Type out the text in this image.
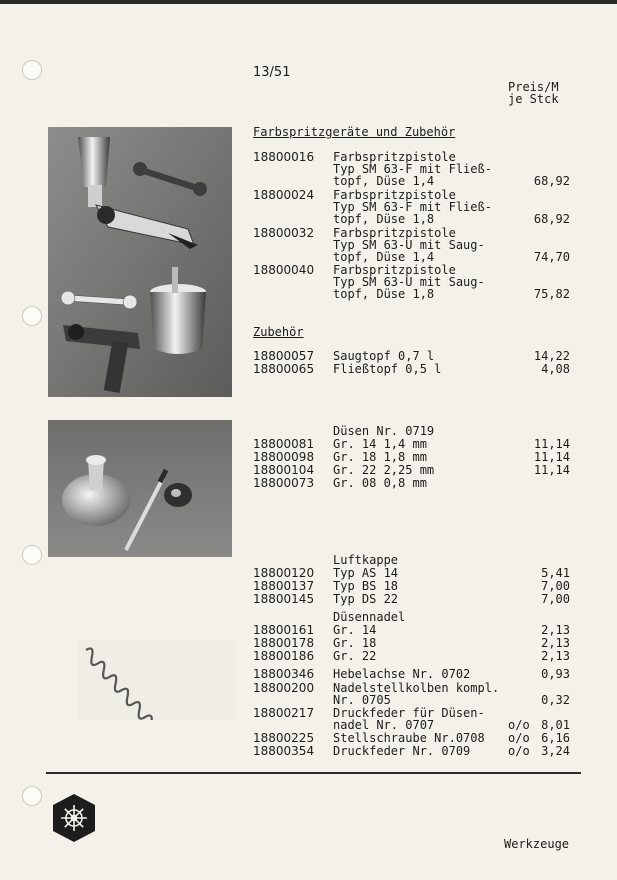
13/51
Preis/M
je Stck
Farbspritzgeräte und Zubehör
18800016 Farbspritzpistole
Typ SM 63-F mit Fließ-
topf, Düse 1,4	68,92
18800024 Farbspritzpistole
Typ SM 63-F mit Fließ-
topf, Düse 1,8	68,92
18800032 Farbspritzpistole
Typ SM 63-U mit Saug-
topf, Düse 1,4	74,70
18800040 Farbspritzpistole
Typ SM 63-U mit Saug-
topf, Düse 1,8	75,82
Zubehör
18800057 Saugtopf 0,7 l	14,22
18800065 Fließtopf 0,5 l	4,08
Düsen Nr. 0719
18800081 Gr. 14 1,4 mm	11,14
18800098 Gr. 18 1,8 mm	11,14
18800104 Gr. 22 2,25 mm	11,14
18800073 Gr. 08 0,8 mm
Luftkappe
18800120 Typ AS 14	5,41
18800137 Typ BS 18	7,00
18800145 Typ DS 22	7,00
Düsennadel
18800161 Gr. 14	2,13
18800178 Gr. 18	2,13
18800186 Gr. 22	2,13
18800346 Hebelachse Nr. 0702	0,93
18800200 Nadelstellkolben kompl.
Nr. 0705	0,32
18800217 Druckfeder für Düsen-
nadel Nr. 0707	o/o 8,01
18800225 Stellschraube Nr.0708 o/o 6,16
18800354 Druckfeder Nr. 0709	o/o 3,24
Werkzeuge
